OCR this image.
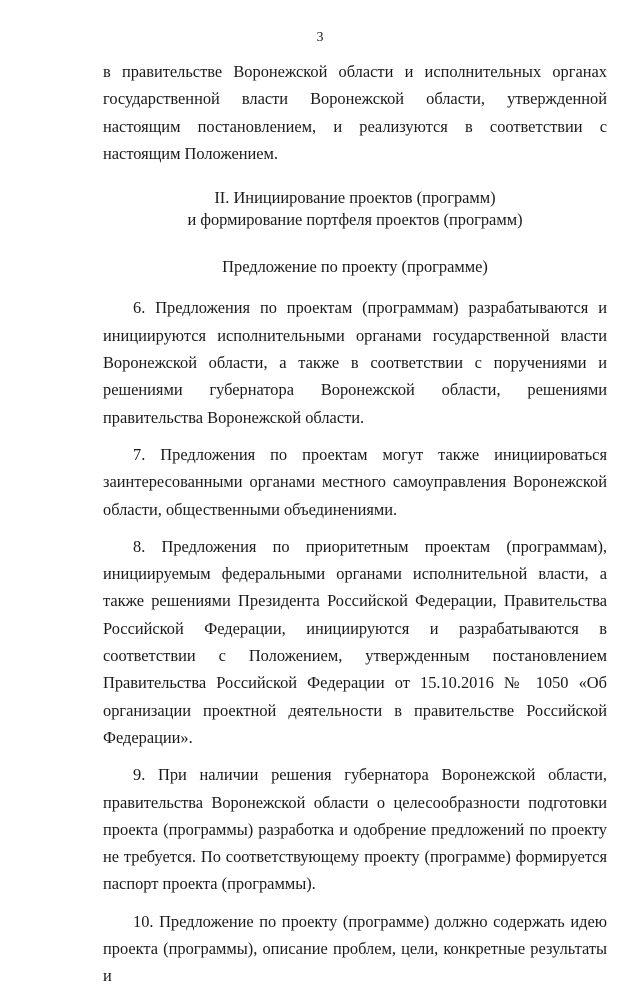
3

в правительстве Воронежской области и исполнительных органах государственной власти Воронежской области, утвержденной настоящим постановлением, и реализуются в соответствии с настоящим Положением.

II. Инициирование проектов (программ)
и формирование портфеля проектов (программ)
Предложение по проекту (программе)

6. Предложения по проектам (программам) разрабатываются и инициируются исполнительными органами государственной власти Воронежской области, а также в соответствии с поручениями и решениями губернатора Воронежской области, решениями правительства Воронежской области.

7. Предложения по проектам могут также инициироваться заинтересованными органами местного самоуправления Воронежской области, общественными объединениями.

8. Предложения по приоритетным проектам (программам), инициируемым федеральными органами исполнительной власти, а также решениями Президента Российской Федерации, Правительства Российской Федерации, инициируются и разрабатываются в соответствии с Положением, утвержденным постановлением Правительства Российской Федерации от 15.10.2016 № 1050 «Об организации проектной деятельности в правительстве Российской Федерации».

9. При наличии решения губернатора Воронежской области, правительства Воронежской области о целесообразности подготовки проекта (программы) разработка и одобрение предложений по проекту не требуется. По соответствующему проекту (программе) формируется паспорт проекта (программы).

10. Предложение по проекту (программе) должно содержать идею проекта (программы), описание проблем, цели, конкретные результаты и
